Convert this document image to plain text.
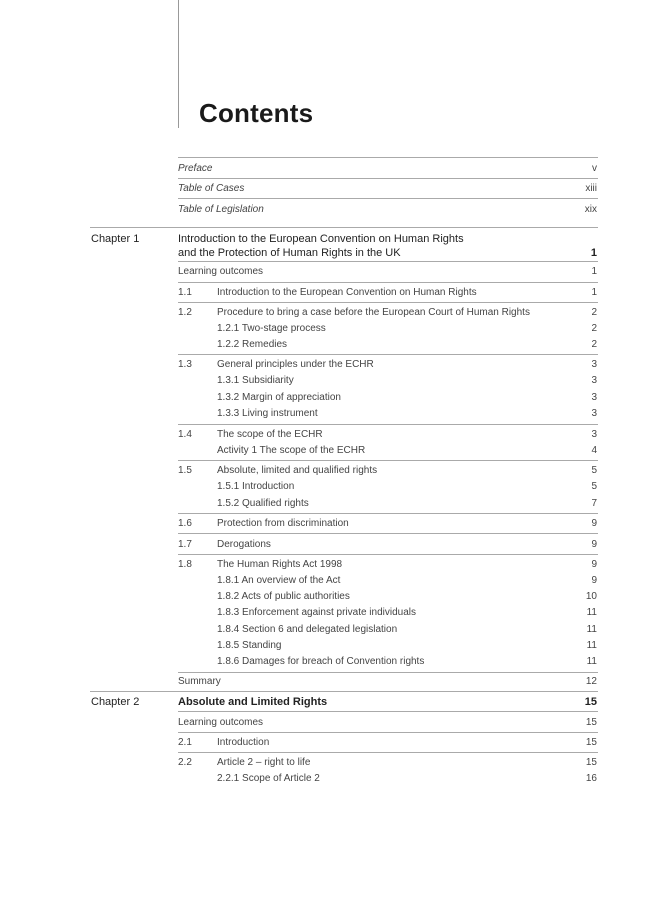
Contents
Preface	v
Table of Cases	xiii
Table of Legislation	xix
Chapter 1	Introduction to the European Convention on Human Rights
and the Protection of Human Rights in the UK	1
Learning outcomes	1
1.1	Introduction to the European Convention on Human Rights	1
1.2	Procedure to bring a case before the European Court of Human Rights	2
1.2.1 Two-stage process	2
1.2.2 Remedies	2
1.3	General principles under the ECHR	3
1.3.1 Subsidiarity	3
1.3.2 Margin of appreciation	3
1.3.3 Living instrument	3
1.4	The scope of the ECHR	3
Activity 1 The scope of the ECHR	4
1.5	Absolute, limited and qualified rights	5
1.5.1 Introduction	5
1.5.2 Qualified rights	7
1.6	Protection from discrimination	9
1.7	Derogations	9
1.8	The Human Rights Act 1998	9
1.8.1 An overview of the Act	9
1.8.2 Acts of public authorities	10
1.8.3 Enforcement against private individuals	11
1.8.4 Section 6 and delegated legislation	11
1.8.5 Standing	11
1.8.6 Damages for breach of Convention rights	11
Summary	12
Chapter 2	Absolute and Limited Rights	15
Learning outcomes	15
2.1	Introduction	15
2.2	Article 2 – right to life	15
2.2.1 Scope of Article 2	16
